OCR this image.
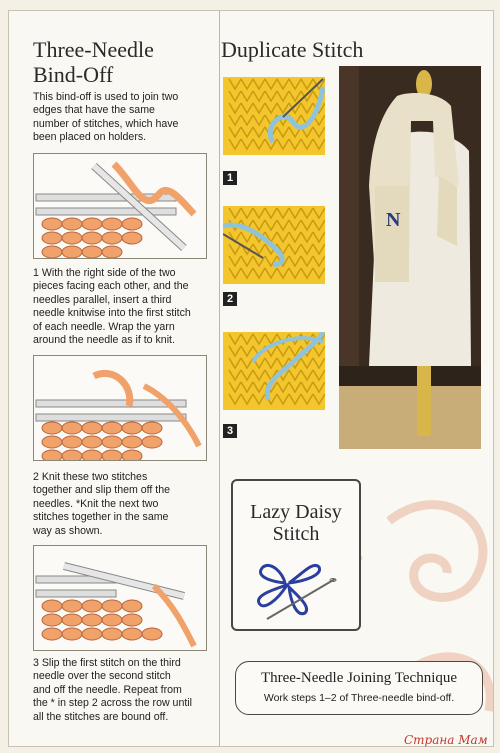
Three-Needle
Bind-Off
This bind-off is used to join two
edges that have the same
number of stitches, which have
been placed on holders.
1 With the right side of the two
pieces facing each other, and the
needles parallel, insert a third
needle knitwise into the first stitch
of each needle. Wrap the yarn
around the needle as if to knit.
2 Knit these two stitches
together and slip them off the
needles. *Knit the next two
stitches together in the same
way as shown.
3 Slip the first stitch on the third
needle over the second stitch
and off the needle. Repeat from
the * in step 2 across the row until
all the stitches are bound off.
Duplicate Stitch
1
2
3
N
Lazy Daisy
Stitch
Three-Needle Joining Technique
Work steps 1–2 of Three-needle bind-off.
Страна Мам
